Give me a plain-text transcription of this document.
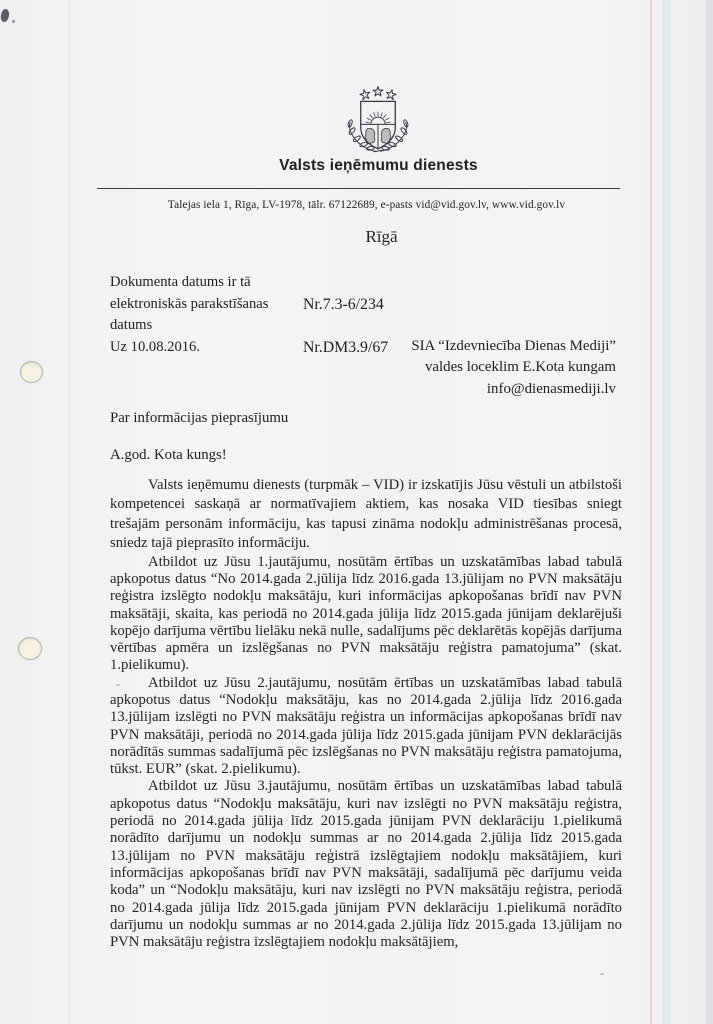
Valsts ieņēmumu dienests
Talejas iela 1, Rīga, LV-1978, tālr. 67122689, e-pasts vid@vid.gov.lv, www.vid.gov.lv
Rīgā
Dokumenta datums ir tā
elektroniskās parakstīšanas datums
Nr.7.3-6/234
Uz 10.08.2016.	Nr.DM3.9/67 SIA “Izdevniecība Dienas Mediji”
valdes loceklim E.Kota kungam
info@dienasmediji.lv
Par informācijas pieprasījumu
A.god. Kota kungs!

Valsts ieņēmumu dienests (turpmāk – VID) ir izskatījis Jūsu vēstuli un atbilstoši kompetencei saskaņā ar normatīvajiem aktiem, kas nosaka VID tiesības sniegt trešajām personām informāciju, kas tapusi zināma nodokļu administrēšanas procesā, sniedz tajā pieprasīto informāciju.

Atbildot uz Jūsu 1.jautājumu, nosūtām ērtības un uzskatāmības labad tabulā apkopotus datus “No 2014.gada 2.jūlija līdz 2016.gada 13.jūlijam no PVN maksātāju reģistra izslēgto nodokļu maksātāju, kuri informācijas apkopošanas brīdī nav PVN maksātāji, skaita, kas periodā no 2014.gada jūlija līdz 2015.gada jūnijam deklarējuši kopējo darījuma vērtību lielāku nekā nulle, sadalījums pēc deklarētās kopējās darījuma vērtības apmēra un izslēgšanas no PVN maksātāju reģistra pamatojuma” (skat. 1.pielikumu).

Atbildot uz Jūsu 2.jautājumu, nosūtām ērtības un uzskatāmības labad tabulā apkopotus datus “Nodokļu maksātāju, kas no 2014.gada 2.jūlija līdz 2016.gada 13.jūlijam izslēgti no PVN maksātāju reģistra un informācijas apkopošanas brīdī nav PVN maksātāji, periodā no 2014.gada jūlija līdz 2015.gada jūnijam PVN deklarācijās norādītās summas sadalījumā pēc izslēgšanas no PVN maksātāju reģistra pamatojuma, tūkst. EUR” (skat. 2.pielikumu).

Atbildot uz Jūsu 3.jautājumu, nosūtām ērtības un uzskatāmības labad tabulā apkopotus datus “Nodokļu maksātāju, kuri nav izslēgti no PVN maksātāju reģistra, periodā no 2014.gada jūlija līdz 2015.gada jūnijam PVN deklarāciju 1.pielikumā norādīto darījumu un nodokļu summas ar no 2014.gada 2.jūlija līdz 2015.gada 13.jūlijam no PVN maksātāju reģistrā izslēgtajiem nodokļu maksātājiem, kuri informācijas apkopošanas brīdī nav PVN maksātāji, sadalījumā pēc darījumu veida koda” un “Nodokļu maksātāju, kuri nav izslēgti no PVN maksātāju reģistra, periodā no 2014.gada jūlija līdz 2015.gada jūnijam PVN deklarāciju 1.pielikumā norādīto darījumu un nodokļu summas ar no 2014.gada 2.jūlija līdz 2015.gada 13.jūlijam no PVN maksātāju reģistra izslēgtajiem nodokļu maksātājiem,
